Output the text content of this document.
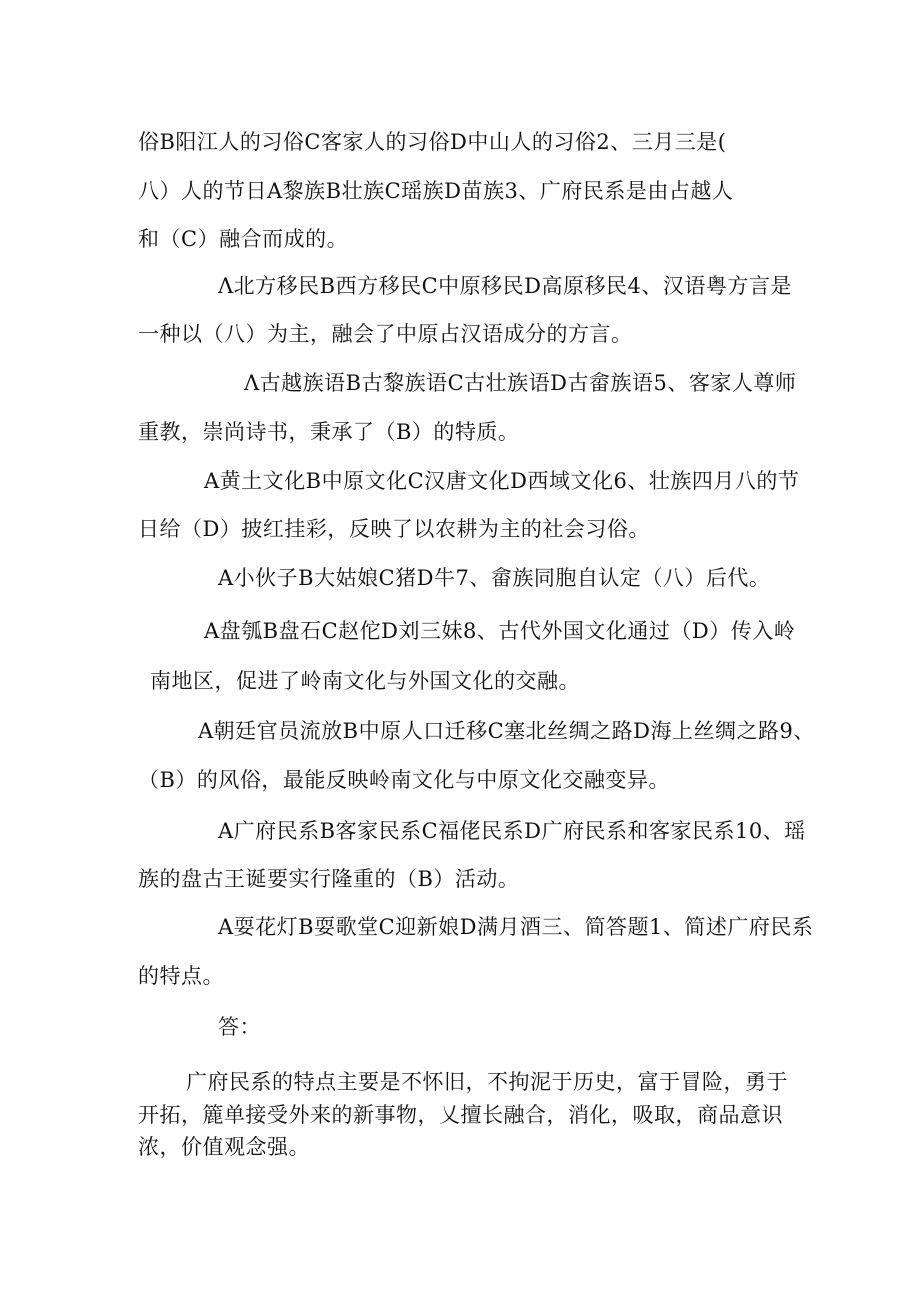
俗B阳江人的习俗C客家人的习俗D中山人的习俗2、三月三是(
八）人的节日A黎族B壮族C瑶族D苗族3、广府民系是由占越人
和（C）融合而成的。
Λ北方移民B西方移民C中原移民D高原移民4、汉语粤方言是
一种以（八）为主，融会了中原占汉语成分的方言。
Λ古越族语B古黎族语C古壮族语D古畲族语5、客家人尊师
重教，崇尚诗书，秉承了（B）的特质。
A黄土文化B中原文化C汉唐文化D西域文化6、壮族四月八的节
日给（D）披红挂彩，反映了以农耕为主的社会习俗。
A小伙子B大姑娘C猪D牛7、畲族同胞自认定（八）后代。
A盘瓠B盘石C赵佗D刘三妹8、古代外国文化通过（D）传入岭
南地区，促进了岭南文化与外国文化的交融。
A朝廷官员流放B中原人口迁移C塞北丝绸之路D海上丝绸之路9、
（B）的风俗，最能反映岭南文化与中原文化交融变异。
A广府民系B客家民系C福佬民系D广府民系和客家民系10、瑶
族的盘古王诞要实行隆重的（B）活动。
A耍花灯B耍歌堂C迎新娘D满月酒三、简答题1、简述广府民系
的特点。
答：
广府民系的特点主要是不怀旧，不拘泥于历史，富于冒险，勇于
开拓，簏单接受外来的新事物，乂擅长融合，消化，吸取，商品意识
浓，价值观念强。
